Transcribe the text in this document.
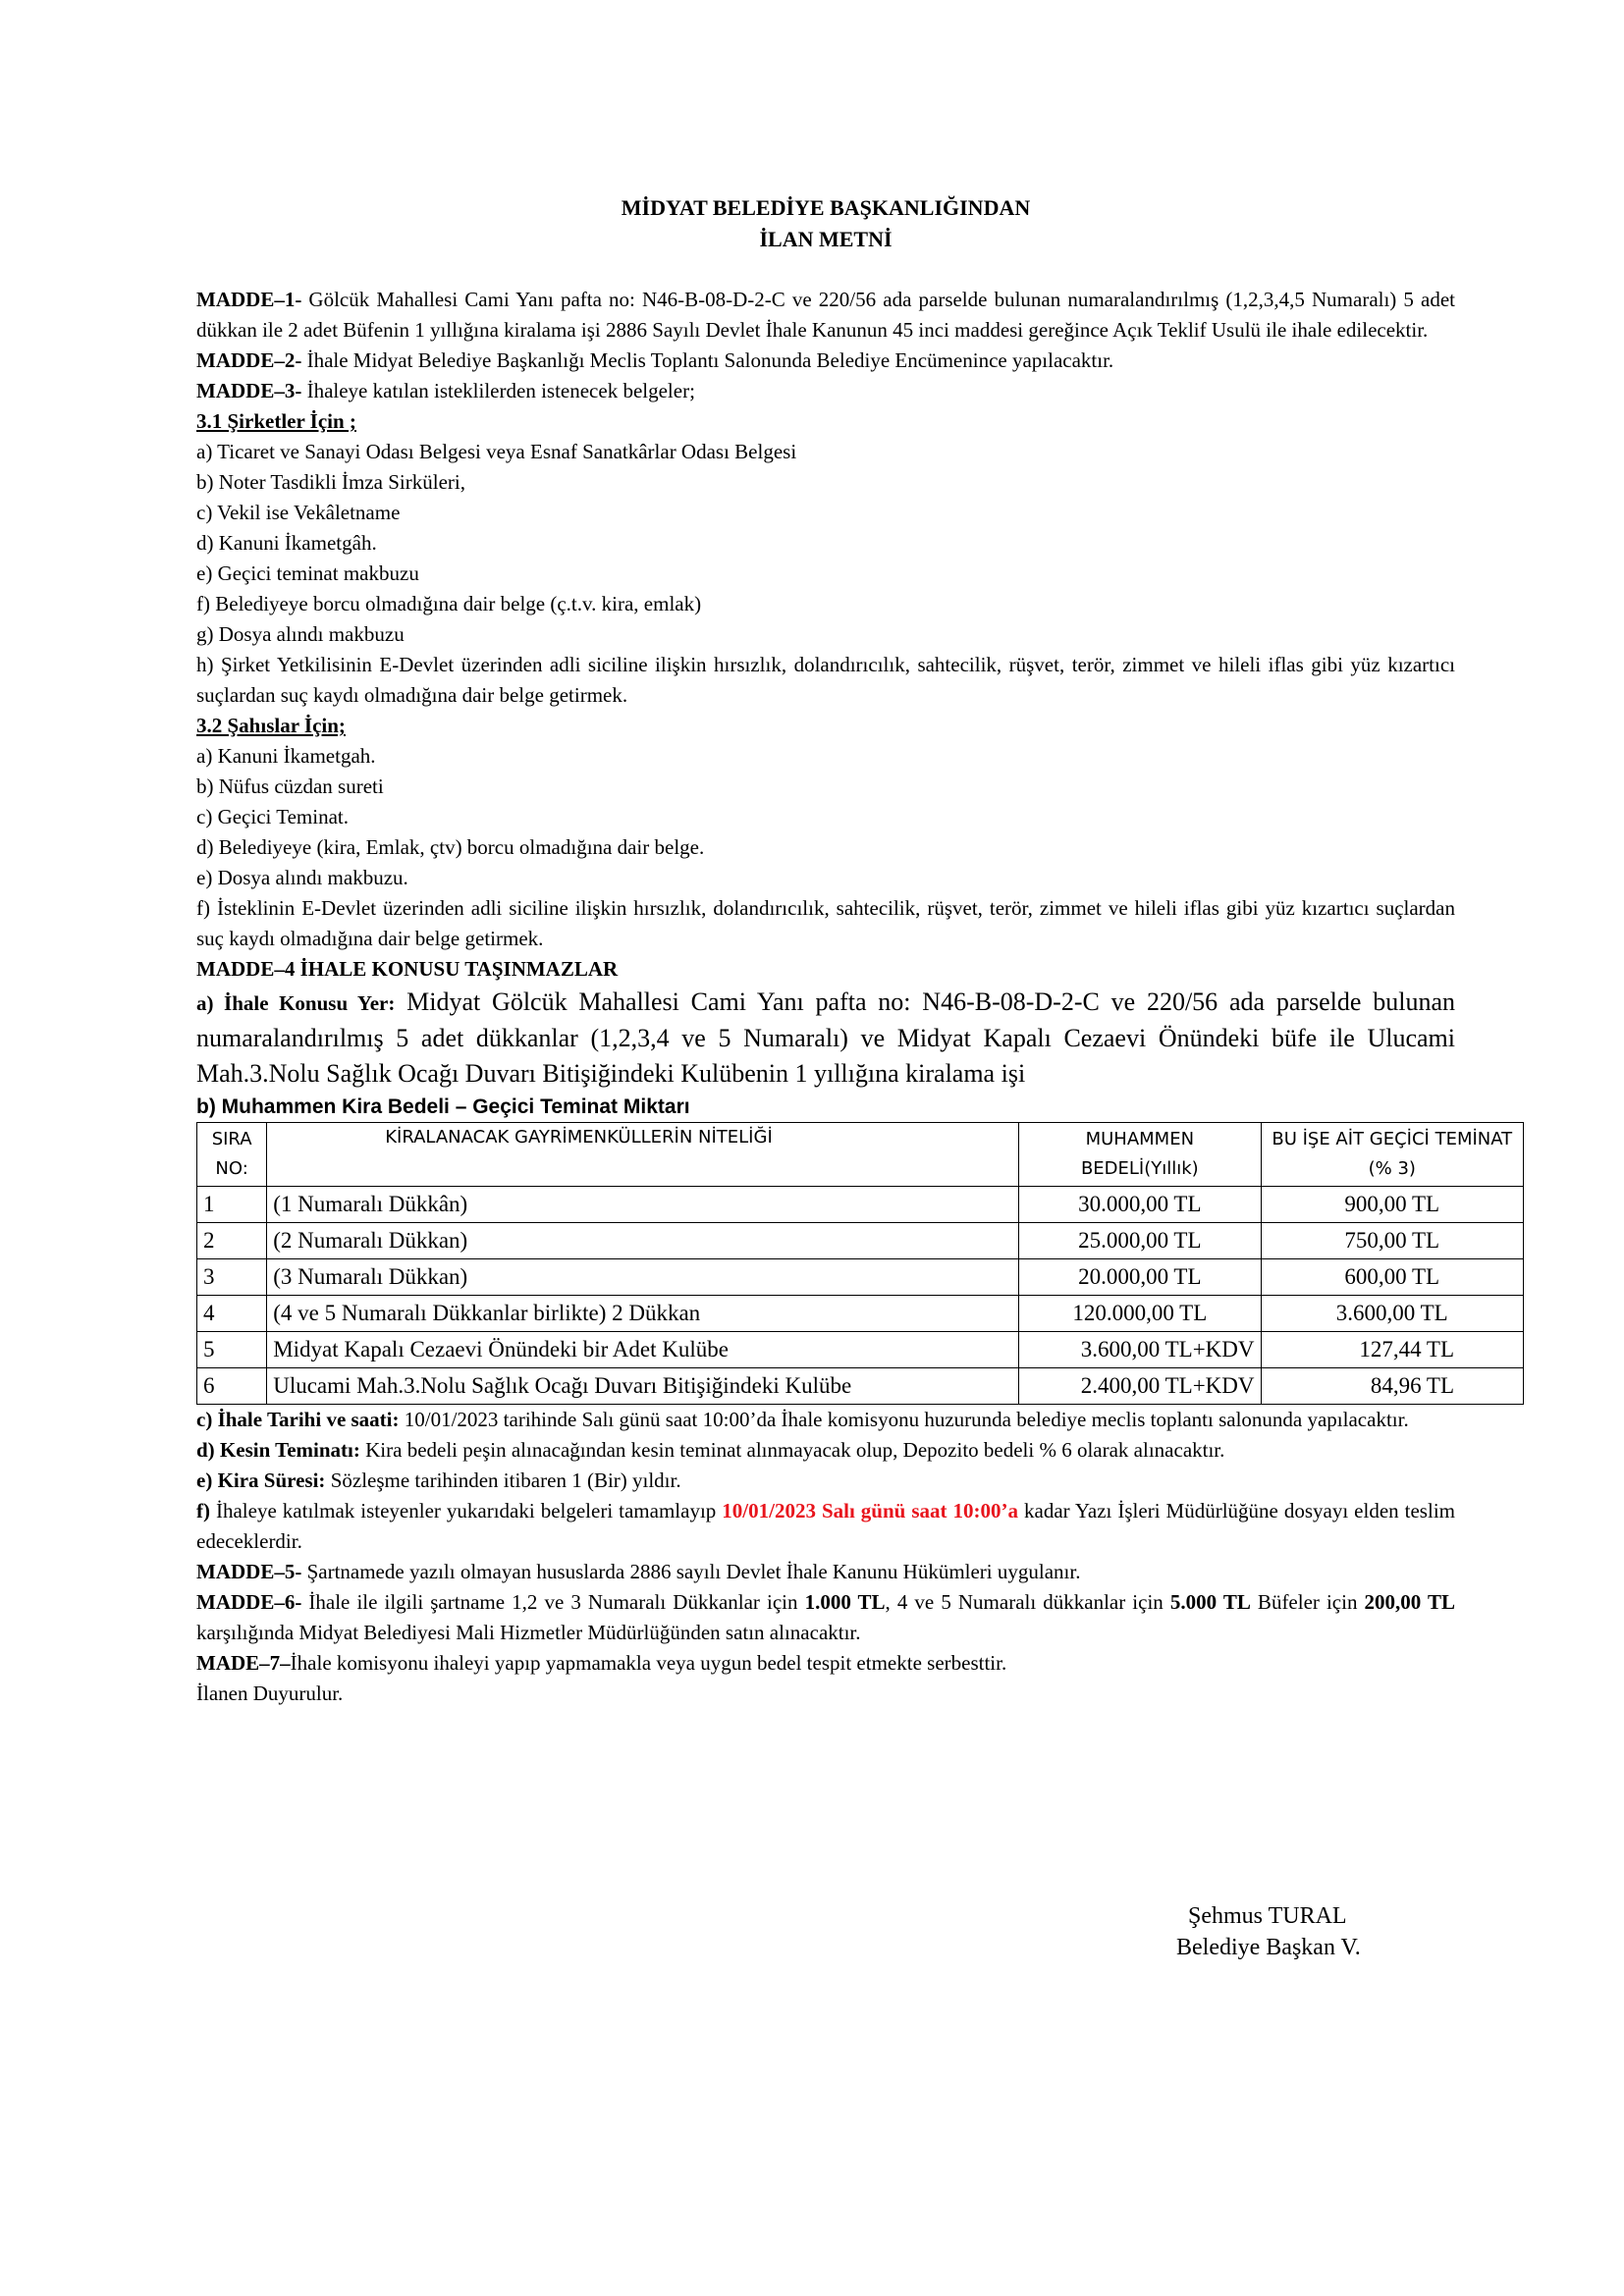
MİDYAT BELEDİYE BAŞKANLIĞINDAN
İLAN METNİ

MADDE–1- Gölcük Mahallesi Cami Yanı pafta no: N46-B-08-D-2-C ve 220/56 ada parselde bulunan numaralandırılmış (1,2,3,4,5 Numaralı) 5 adet dükkan ile 2 adet Büfenin 1 yıllığına kiralama işi 2886 Sayılı Devlet İhale Kanunun 45 inci maddesi gereğince Açık Teklif Usulü ile ihale edilecektir.

MADDE–2- İhale Midyat Belediye Başkanlığı Meclis Toplantı Salonunda Belediye Encümenince yapılacaktır.

MADDE–3- İhaleye katılan isteklilerden istenecek belgeler;

3.1 Şirketler İçin ;

a) Ticaret ve Sanayi Odası Belgesi veya Esnaf Sanatkârlar Odası Belgesi

b) Noter Tasdikli İmza Sirküleri,

c) Vekil ise Vekâletname

d) Kanuni İkametgâh.

e) Geçici teminat makbuzu

f) Belediyeye borcu olmadığına dair belge (ç.t.v. kira, emlak)

g) Dosya alındı makbuzu

h) Şirket Yetkilisinin E-Devlet üzerinden adli siciline ilişkin hırsızlık, dolandırıcılık, sahtecilik, rüşvet, terör, zimmet ve hileli iflas gibi yüz kızartıcı suçlardan suç kaydı olmadığına dair belge getirmek.

3.2 Şahıslar İçin;

a) Kanuni İkametgah.

b) Nüfus cüzdan sureti

c) Geçici Teminat.

d) Belediyeye (kira, Emlak, çtv) borcu olmadığına dair belge.

e) Dosya alındı makbuzu.

f) İsteklinin E-Devlet üzerinden adli siciline ilişkin hırsızlık, dolandırıcılık, sahtecilik, rüşvet, terör, zimmet ve hileli iflas gibi yüz kızartıcı suçlardan suç kaydı olmadığına dair belge getirmek.

MADDE–4 İHALE KONUSU TAŞINMAZLAR

a) İhale Konusu Yer: Midyat Gölcük Mahallesi Cami Yanı pafta no: N46-B-08-D-2-C ve 220/56 ada parselde bulunan numaralandırılmış 5 adet dükkanlar (1,2,3,4 ve 5 Numaralı) ve Midyat Kapalı Cezaevi Önündeki büfe ile Ulucami Mah.3.Nolu Sağlık Ocağı Duvarı Bitişiğindeki Kulübenin 1 yıllığına kiralama işi

b) Muhammen Kira Bedeli – Geçici Teminat Miktarı

SIRA NO:	KİRALANACAK GAYRİMENKÜLLERİN NİTELİĞİ	MUHAMMEN BEDELİ(Yıllık)	BU İŞE AİT GEÇİCİ TEMİNAT (% 3)
1	(1 Numaralı Dükkân)	30.000,00 TL	900,00 TL
2	(2 Numaralı Dükkan)	25.000,00 TL	750,00 TL
3	(3 Numaralı Dükkan)	20.000,00 TL	600,00 TL
4	(4 ve 5 Numaralı Dükkanlar birlikte) 2 Dükkan	120.000,00 TL	3.600,00 TL
5	Midyat Kapalı Cezaevi Önündeki bir Adet Kulübe	3.600,00 TL+KDV	127,44 TL
6	Ulucami Mah.3.Nolu Sağlık Ocağı Duvarı Bitişiğindeki Kulübe	2.400,00 TL+KDV	84,96 TL

c) İhale Tarihi ve saati: 10/01/2023 tarihinde Salı günü saat 10:00’da İhale komisyonu huzurunda belediye meclis toplantı salonunda yapılacaktır.

d) Kesin Teminatı: Kira bedeli peşin alınacağından kesin teminat alınmayacak olup, Depozito bedeli % 6 olarak alınacaktır.

e) Kira Süresi: Sözleşme tarihinden itibaren 1 (Bir) yıldır.

f) İhaleye katılmak isteyenler yukarıdaki belgeleri tamamlayıp 10/01/2023 Salı günü saat 10:00’a kadar Yazı İşleri Müdürlüğüne dosyayı elden teslim edeceklerdir.

MADDE–5- Şartnamede yazılı olmayan hususlarda 2886 sayılı Devlet İhale Kanunu Hükümleri uygulanır.

MADDE–6- İhale ile ilgili şartname 1,2 ve 3 Numaralı Dükkanlar için 1.000 TL, 4 ve 5 Numaralı dükkanlar için 5.000 TL Büfeler için 200,00 TL karşılığında Midyat Belediyesi Mali Hizmetler Müdürlüğünden satın alınacaktır.

MADE–7–İhale komisyonu ihaleyi yapıp yapmamakla veya uygun bedel tespit etmekte serbesttir.

İlanen Duyurulur.

Şehmus TURAL

Belediye Başkan V.
